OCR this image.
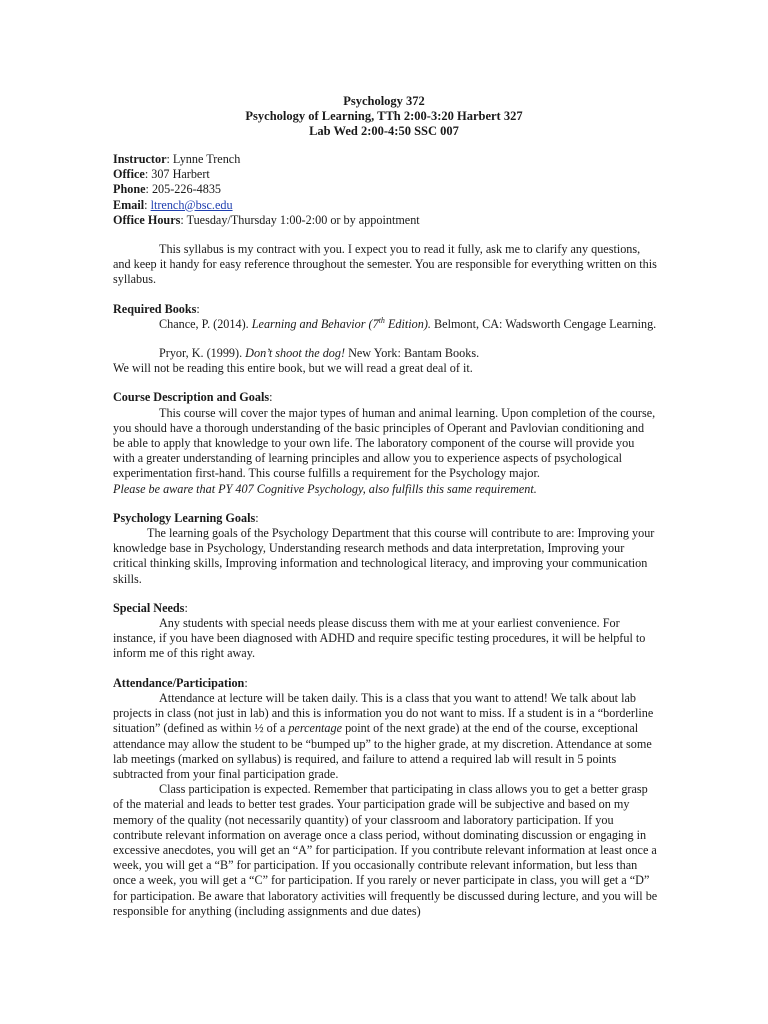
Psychology 372
Psychology of Learning, TTh 2:00-3:20 Harbert 327
Lab Wed 2:00-4:50 SSC 007
Instructor: Lynne Trench
Office: 307 Harbert
Phone: 205-226-4835
Email: ltrench@bsc.edu
Office Hours: Tuesday/Thursday 1:00-2:00 or by appointment

This syllabus is my contract with you. I expect you to read it fully, ask me to clarify any questions, and keep it handy for easy reference throughout the semester. You are responsible for everything written on this syllabus.

Required Books:

Chance, P. (2014). Learning and Behavior (7th Edition). Belmont, CA: Wadsworth Cengage Learning.

Pryor, K. (1999). Don’t shoot the dog! New York: Bantam Books.

We will not be reading this entire book, but we will read a great deal of it.

Course Description and Goals:

This course will cover the major types of human and animal learning. Upon completion of the course, you should have a thorough understanding of the basic principles of Operant and Pavlovian conditioning and be able to apply that knowledge to your own life. The laboratory component of the course will provide you with a greater understanding of learning principles and allow you to experience aspects of psychological experimentation first-hand. This course fulfills a requirement for the Psychology major.

Please be aware that PY 407 Cognitive Psychology, also fulfills this same requirement.

Psychology Learning Goals:

The learning goals of the Psychology Department that this course will contribute to are: Improving your knowledge base in Psychology, Understanding research methods and data interpretation, Improving your critical thinking skills, Improving information and technological literacy, and improving your communication skills.

Special Needs:

Any students with special needs please discuss them with me at your earliest convenience. For instance, if you have been diagnosed with ADHD and require specific testing procedures, it will be helpful to inform me of this right away.

Attendance/Participation:

Attendance at lecture will be taken daily. This is a class that you want to attend! We talk about lab projects in class (not just in lab) and this is information you do not want to miss. If a student is in a “borderline situation” (defined as within ½ of a percentage point of the next grade) at the end of the course, exceptional attendance may allow the student to be “bumped up” to the higher grade, at my discretion. Attendance at some lab meetings (marked on syllabus) is required, and failure to attend a required lab will result in 5 points subtracted from your final participation grade.

Class participation is expected. Remember that participating in class allows you to get a better grasp of the material and leads to better test grades. Your participation grade will be subjective and based on my memory of the quality (not necessarily quantity) of your classroom and laboratory participation. If you contribute relevant information on average once a class period, without dominating discussion or engaging in excessive anecdotes, you will get an “A” for participation. If you contribute relevant information at least once a week, you will get a “B” for participation. If you occasionally contribute relevant information, but less than once a week, you will get a “C” for participation. If you rarely or never participate in class, you will get a “D” for participation. Be aware that laboratory activities will frequently be discussed during lecture, and you will be responsible for anything (including assignments and due dates)
